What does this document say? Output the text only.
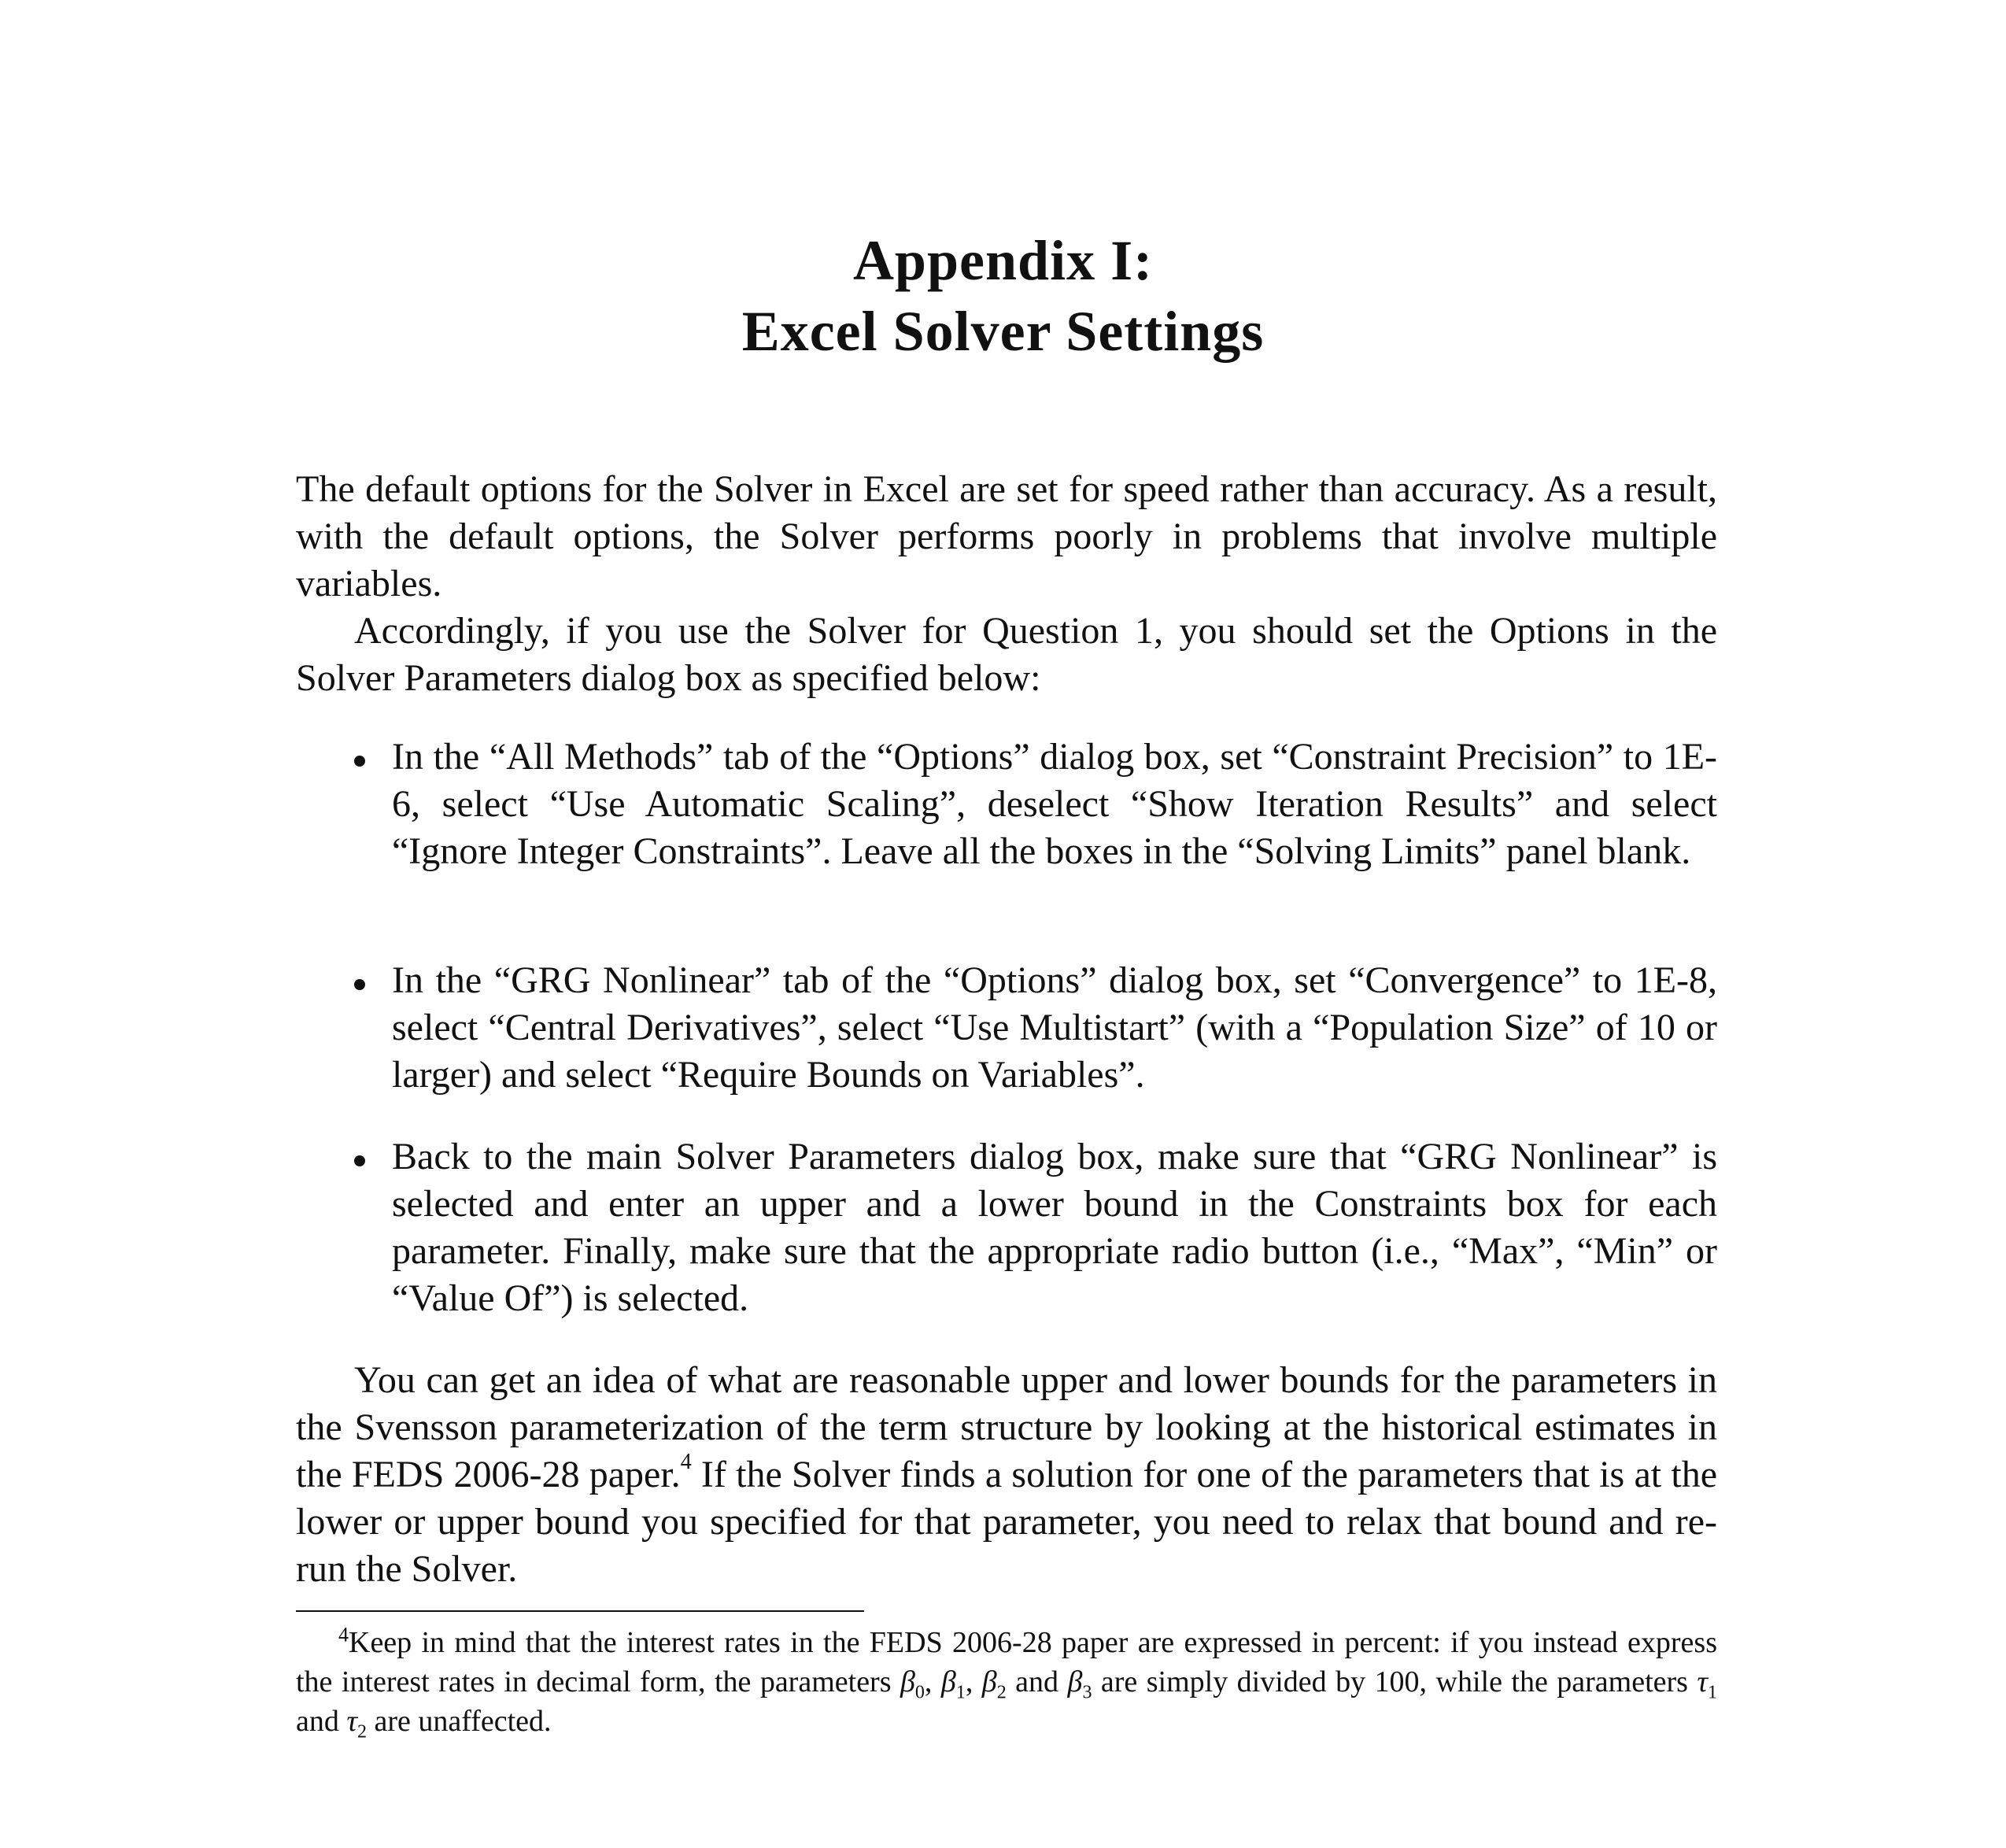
Appendix I:
Excel Solver Settings

The default options for the Solver in Excel are set for speed rather than accuracy. As a result, with the default options, the Solver performs poorly in problems that involve multiple variables.

Accordingly, if you use the Solver for Question 1, you should set the Options in the Solver Parameters dialog box as specified below:

In the “All Methods” tab of the “Options” dialog box, set “Constraint Precision” to 1E-6, select “Use Automatic Scaling”, deselect “Show Iteration Results” and select “Ignore Integer Constraints”. Leave all the boxes in the “Solving Limits” panel blank.
In the “GRG Nonlinear” tab of the “Options” dialog box, set “Convergence” to 1E-8, select “Central Derivatives”, select “Use Multistart” (with a “Population Size” of 10 or larger) and select “Require Bounds on Variables”.
Back to the main Solver Parameters dialog box, make sure that “GRG Nonlinear” is selected and enter an upper and a lower bound in the Constraints box for each parameter. Finally, make sure that the appropriate radio button (i.e., “Max”, “Min” or “Value Of”) is selected.

You can get an idea of what are reasonable upper and lower bounds for the parameters in the Svensson parameterization of the term structure by looking at the historical estimates in the FEDS 2006-28 paper.$^4$ If the Solver finds a solution for one of the parameters that is at the lower or upper bound you specified for that parameter, you need to relax that bound and re-run the Solver.

$^4$Keep in mind that the interest rates in the FEDS 2006-28 paper are expressed in percent: if you instead express the interest rates in decimal form, the parameters $\beta_0$, $\beta_1$, $\beta_2$ and $\beta_3$ are simply divided by 100, while the parameters $\tau_1$ and $\tau_2$ are unaffected.
